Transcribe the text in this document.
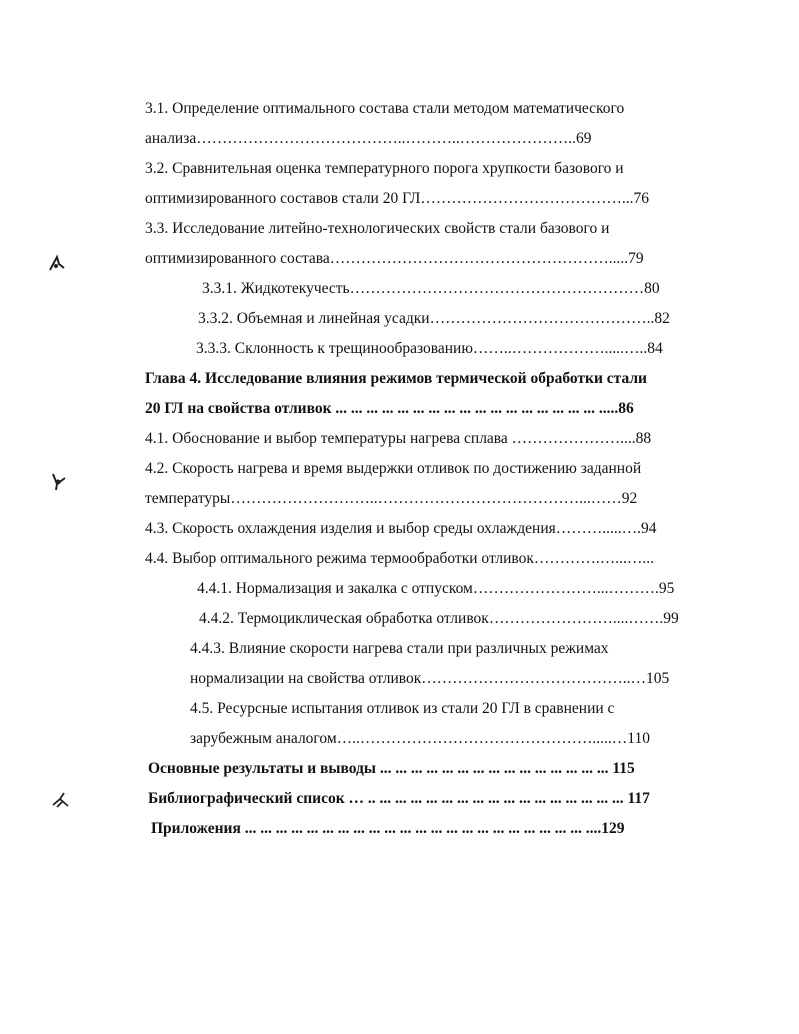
3.1. Определение оптимального состава стали методом математического
анализа…………………………………..………..…………………..69
3.2. Сравнительная оценка температурного порога хрупкости базового и
оптимизированного составов стали 20 ГЛ…………………………………...76
3.3. Исследование литейно-технологических свойств стали базового и
оптимизированного состава……………………………………………….....79
3.3.1. Жидкотекучесть…………………………………………………80
3.3.2. Объемная и линейная усадки……………………………………..82
3.3.3. Склонность к трещинообразованию……..……………….....…..84
Глава 4. Исследование влияния режимов термической обработки стали
20 ГЛ на свойства отливок ... ... ... ... ... ... ... ... ... ... ... ... ... ... ... ... ... .....86
4.1. Обоснование и выбор температуры нагрева сплава …………………....88
4.2. Скорость нагрева и время выдержки отливок по достижению заданной
температуры………………………..…………………………………...……92
4.3. Скорость охлаждения изделия и выбор среды охлаждения……….....….94
4.4. Выбор оптимального режима термообработки отливок………….…...…...
4.4.1. Нормализация и закалка с отпуском……………………...……….95
4.4.2. Термоциклическая обработка отливок……………………....…….99
4.4.3. Влияние скорости нагрева стали при различных режимах
нормализации на свойства отливок…………………………………..…105
4.5. Ресурсные испытания отливок из стали 20 ГЛ в сравнении с
зарубежным аналогом…..……………………………………….....…110
Основные результаты и выводы ... ... ... ... ... ... ... ... ... ... ... ... ... ... ... 115
Библиографический список … .. ... ... ... ... ... ... ... ... ... ... ... ... ... ... ... ... 117
Приложения ... ... ... ... ... ... ... ... ... ... ... ... ... ... ... ... ... ... ... ... ... ... ....129
